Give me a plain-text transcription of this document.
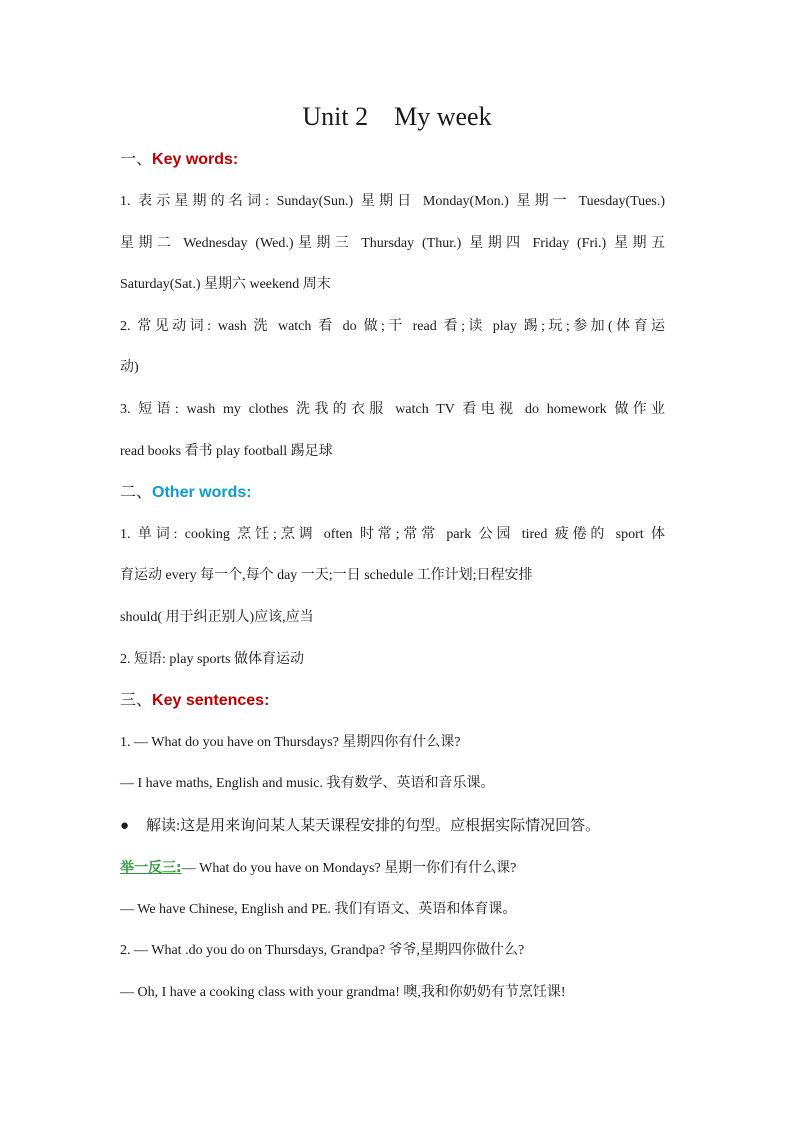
Unit 2    My week
一、Key words:
1. 表示星期的名词: Sunday(Sun.) 星期日 Monday(Mon.) 星期一 Tuesday(Tues.)
星期二 Wednesday (Wed.)星期三 Thursday (Thur.) 星期四 Friday (Fri.) 星期五
Saturday(Sat.) 星期六 weekend 周末
2. 常见动词: wash 洗 watch 看 do 做;干 read 看;读 play 踢;玩;参加(体育运
动)
3. 短语: wash my clothes 洗我的衣服 watch TV 看电视 do homework 做作业
read books 看书 play football 踢足球
二、Other words:
1. 单词: cooking 烹饪;烹调 often 时常;常常 park 公园 tired 疲倦的 sport 体
育运动 every 每一个,每个 day 一天;一日 schedule 工作计划;日程安排
should( 用于纠正别人)应该,应当
2. 短语: play sports 做体育运动
三、Key sentences:
1. — What do you have on Thursdays? 星期四你有什么课?
— I have maths, English and music. 我有数学、英语和音乐课。
● 解读:这是用来询问某人某天课程安排的句型。应根据实际情况回答。
举一反三:— What do you have on Mondays? 星期一你们有什么课?
— We have Chinese, English and PE. 我们有语文、英语和体育课。
2. — What .do you do on Thursdays, Grandpa? 爷爷,星期四你做什么?
— Oh, I have a cooking class with your grandma! 噢,我和你奶奶有节烹饪课!
